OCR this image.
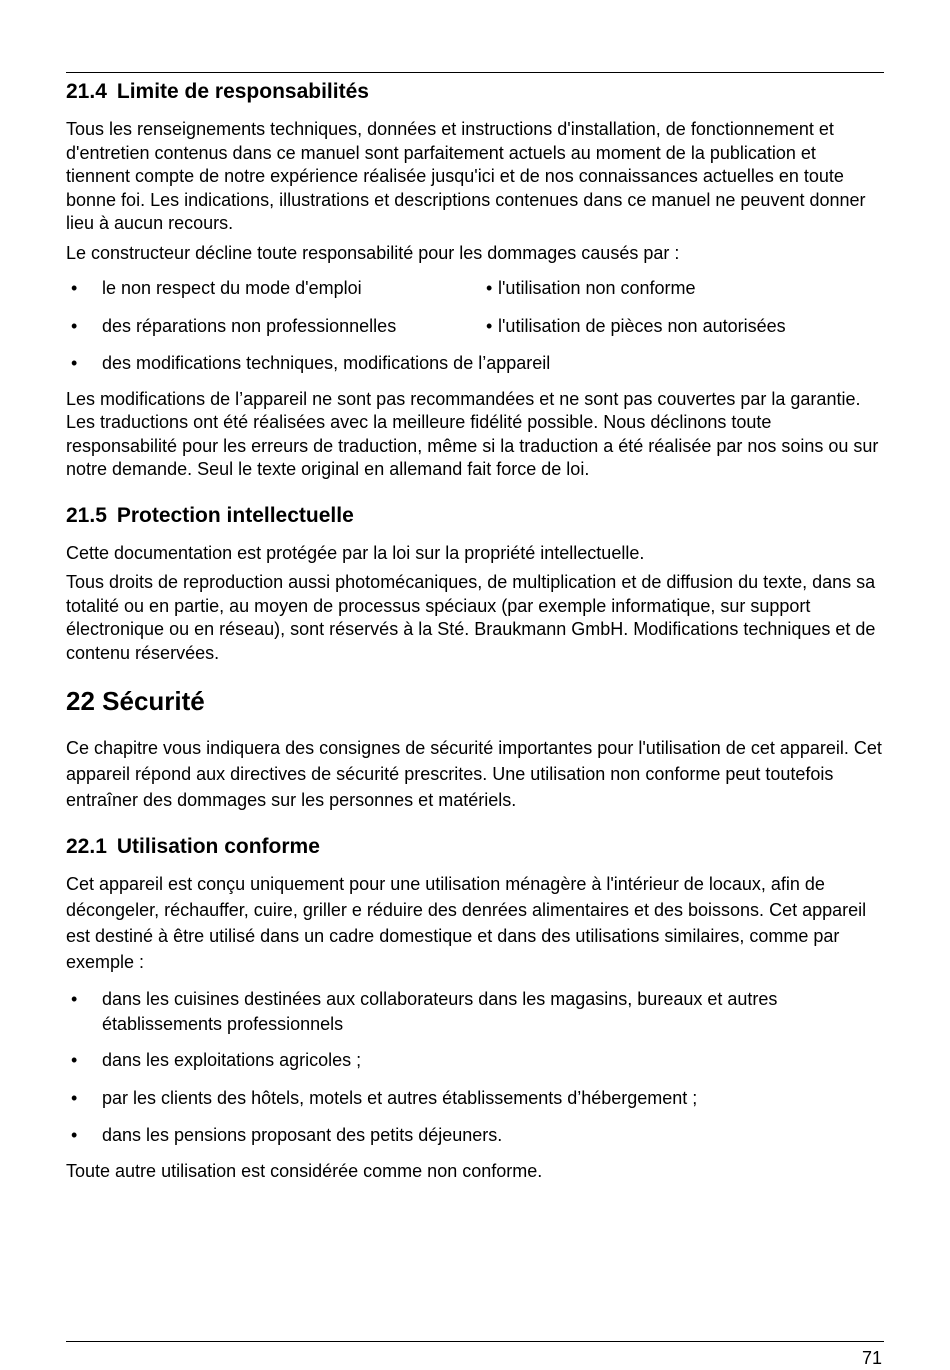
21.4 Limite de responsabilités

Tous les renseignements techniques, données et instructions d'installation, de fonctionnement et d'entretien contenus dans ce manuel sont parfaitement actuels au moment de la publication et tiennent compte de notre expérience réalisée jusqu'ici et de nos connaissances actuelles en toute bonne foi. Les indications, illustrations et descriptions contenues dans ce manuel ne peuvent donner lieu à aucun recours.

Le constructeur décline toute responsabilité pour les dommages causés par :

• le non respect du mode d'emploi	• l'utilisation non conforme
• des réparations non professionnelles	• l'utilisation de pièces non autorisées
• des modifications techniques, modifications de l’appareil

Les modifications de l’appareil ne sont pas recommandées et ne sont pas couvertes par la garantie. Les traductions ont été réalisées avec la meilleure fidélité possible. Nous déclinons toute responsabilité pour les erreurs de traduction, même si la traduction a été réalisée par nos soins ou sur notre demande. Seul le texte original en allemand fait force de loi.

21.5 Protection intellectuelle

Cette documentation est protégée par la loi sur la propriété intellectuelle.

Tous droits de reproduction aussi photomécaniques, de multiplication et de diffusion du texte, dans sa totalité ou en partie, au moyen de processus spéciaux (par exemple informatique, sur support électronique ou en réseau), sont réservés à la Sté. Braukmann GmbH. Modifications techniques et de contenu réservées.

22 Sécurité

Ce chapitre vous indiquera des consignes de sécurité importantes pour l'utilisation de cet appareil. Cet appareil répond aux directives de sécurité prescrites. Une utilisation non conforme peut toutefois entraîner des dommages sur les personnes et matériels.

22.1 Utilisation conforme

Cet appareil est conçu uniquement pour une utilisation ménagère à l'intérieur de locaux, afin de décongeler, réchauffer, cuire, griller e réduire des denrées alimentaires et des boissons. Cet appareil est destiné à être utilisé dans un cadre domestique et dans des utilisations similaires, comme par exemple :

• dans les cuisines destinées aux collaborateurs dans les magasins, bureaux et autres établissements professionnels
• dans les exploitations agricoles ;
• par les clients des hôtels, motels et autres établissements d’hébergement ;
• dans les pensions proposant des petits déjeuners.

Toute autre utilisation est considérée comme non conforme.

71
